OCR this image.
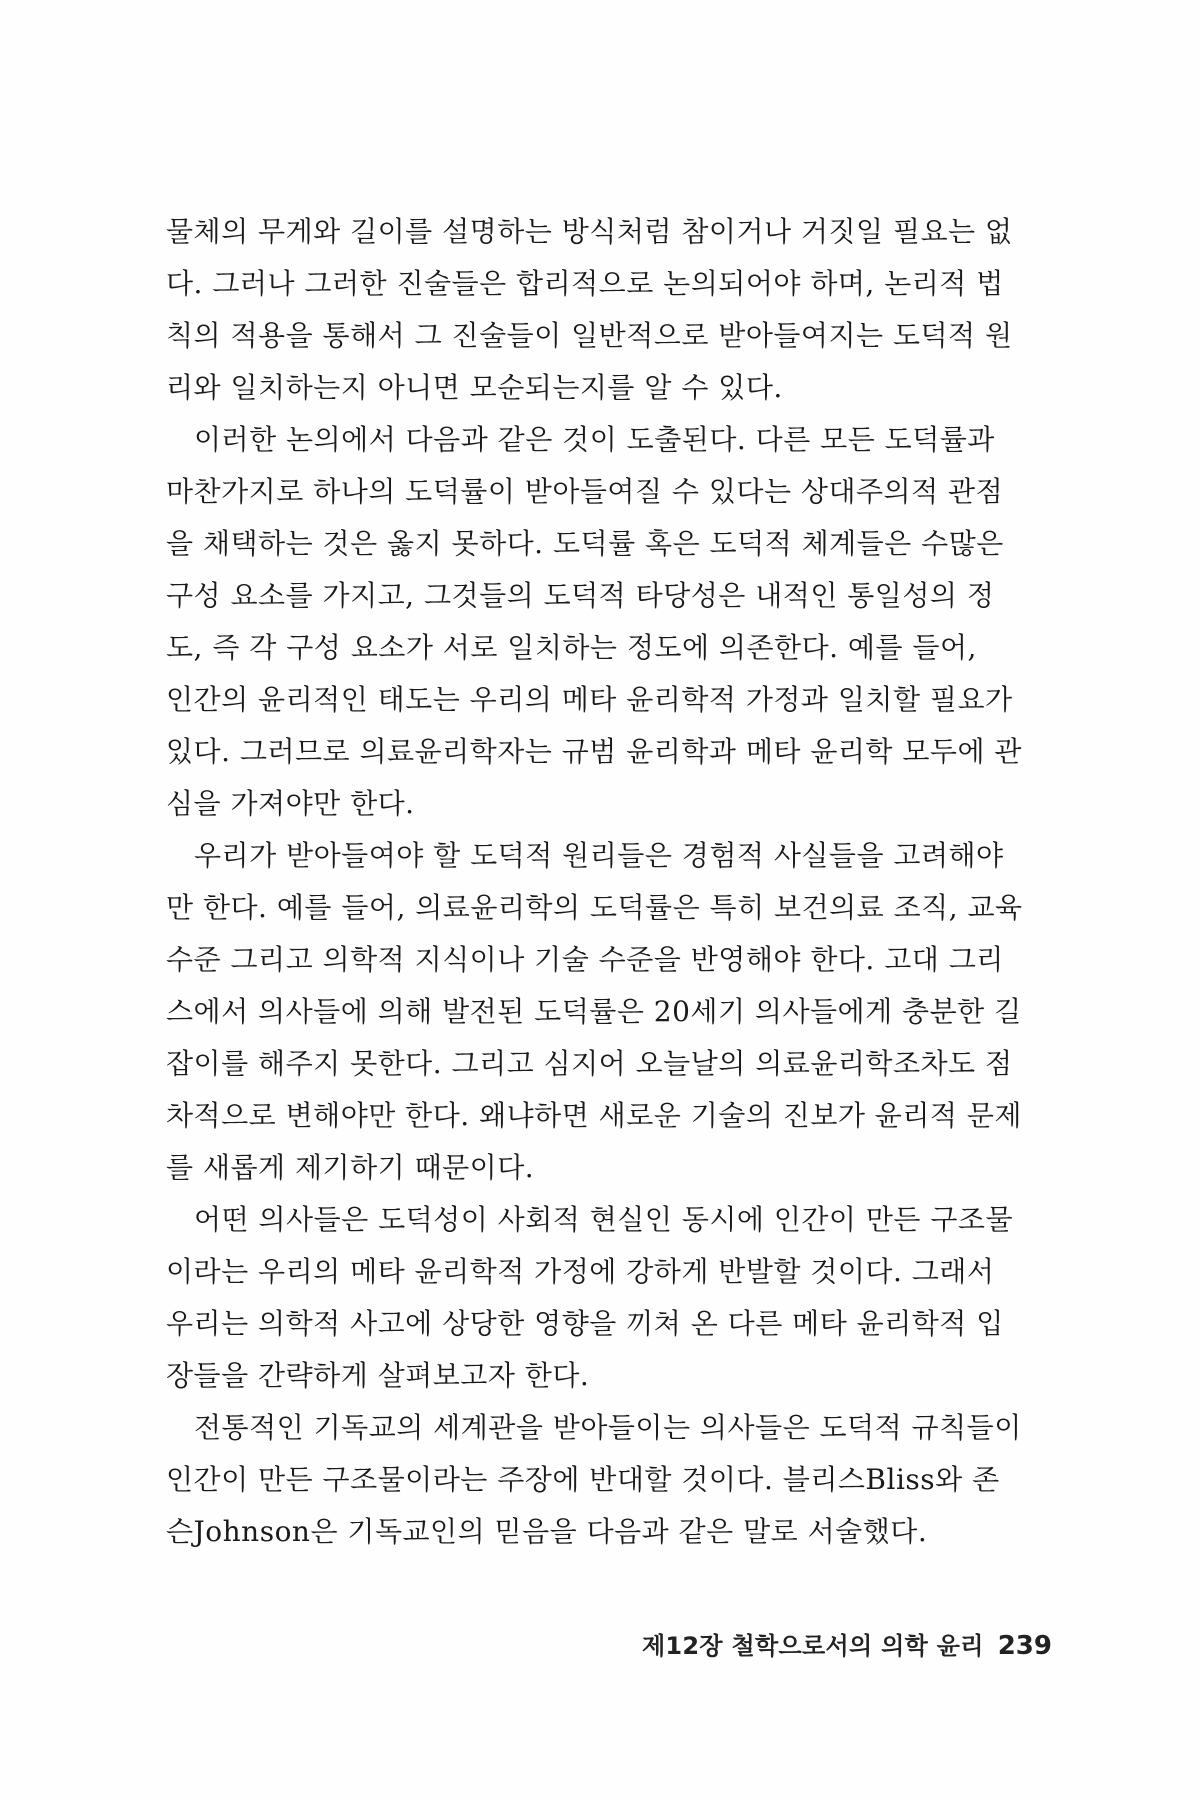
물체의 무게와 길이를 설명하는 방식처럼 참이거나 거짓일 필요는 없
다. 그러나 그러한 진술들은 합리적으로 논의되어야 하며, 논리적 법
칙의 적용을 통해서 그 진술들이 일반적으로 받아들여지는 도덕적 원
리와 일치하는지 아니면 모순되는지를 알 수 있다.
이러한 논의에서 다음과 같은 것이 도출된다. 다른 모든 도덕률과
마찬가지로 하나의 도덕률이 받아들여질 수 있다는 상대주의적 관점
을 채택하는 것은 옳지 못하다. 도덕률 혹은 도덕적 체계들은 수많은
구성 요소를 가지고, 그것들의 도덕적 타당성은 내적인 통일성의 정
도, 즉 각 구성 요소가 서로 일치하는 정도에 의존한다. 예를 들어,
인간의 윤리적인 태도는 우리의 메타 윤리학적 가정과 일치할 필요가
있다. 그러므로 의료윤리학자는 규범 윤리학과 메타 윤리학 모두에 관
심을 가져야만 한다.
우리가 받아들여야 할 도덕적 원리들은 경험적 사실들을 고려해야
만 한다. 예를 들어, 의료윤리학의 도덕률은 특히 보건의료 조직, 교육
수준 그리고 의학적 지식이나 기술 수준을 반영해야 한다. 고대 그리
스에서 의사들에 의해 발전된 도덕률은 20세기 의사들에게 충분한 길
잡이를 해주지 못한다. 그리고 심지어 오늘날의 의료윤리학조차도 점
차적으로 변해야만 한다. 왜냐하면 새로운 기술의 진보가 윤리적 문제
를 새롭게 제기하기 때문이다.
어떤 의사들은 도덕성이 사회적 현실인 동시에 인간이 만든 구조물
이라는 우리의 메타 윤리학적 가정에 강하게 반발할 것이다. 그래서
우리는 의학적 사고에 상당한 영향을 끼쳐 온 다른 메타 윤리학적 입
장들을 간략하게 살펴보고자 한다.
전통적인 기독교의 세계관을 받아들이는 의사들은 도덕적 규칙들이
인간이 만든 구조물이라는 주장에 반대할 것이다. 블리스Bliss와 존
슨Johnson은 기독교인의 믿음을 다음과 같은 말로 서술했다.
제12장 철학으로서의 의학 윤리 239
